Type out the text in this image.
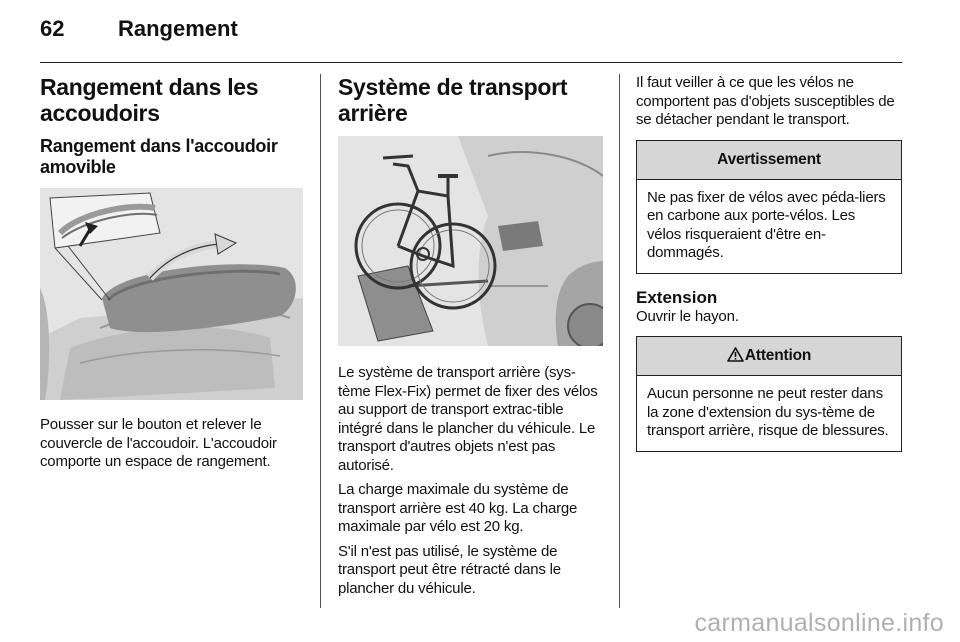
62 Rangement
Rangement dans les accoudoirs
Rangement dans l'accoudoir amovible

Pousser sur le bouton et relever le couvercle de l'accoudoir. L'accoudoir comporte un espace de rangement.

Système de transport arrière

Le système de transport arrière (sys-tème Flex-Fix) permet de fixer des vélos au support de transport extrac-tible intégré dans le plancher du véhicule. Le transport d'autres objets n'est pas autorisé.

La charge maximale du système de transport arrière est 40 kg. La charge maximale par vélo est 20 kg.

S'il n'est pas utilisé, le système de transport peut être rétracté dans le plancher du véhicule.

Il faut veiller à ce que les vélos ne comportent pas d'objets susceptibles de se détacher pendant le transport.

Avertissement
Ne pas fixer de vélos avec péda-liers en carbone aux porte-vélos. Les vélos risqueraient d'être en-dommagés.
Extension

Ouvrir le hayon.

Attention
Aucun personne ne peut rester dans la zone d'extension du sys-tème de transport arrière, risque de blessures.
carmanualsonline.info
